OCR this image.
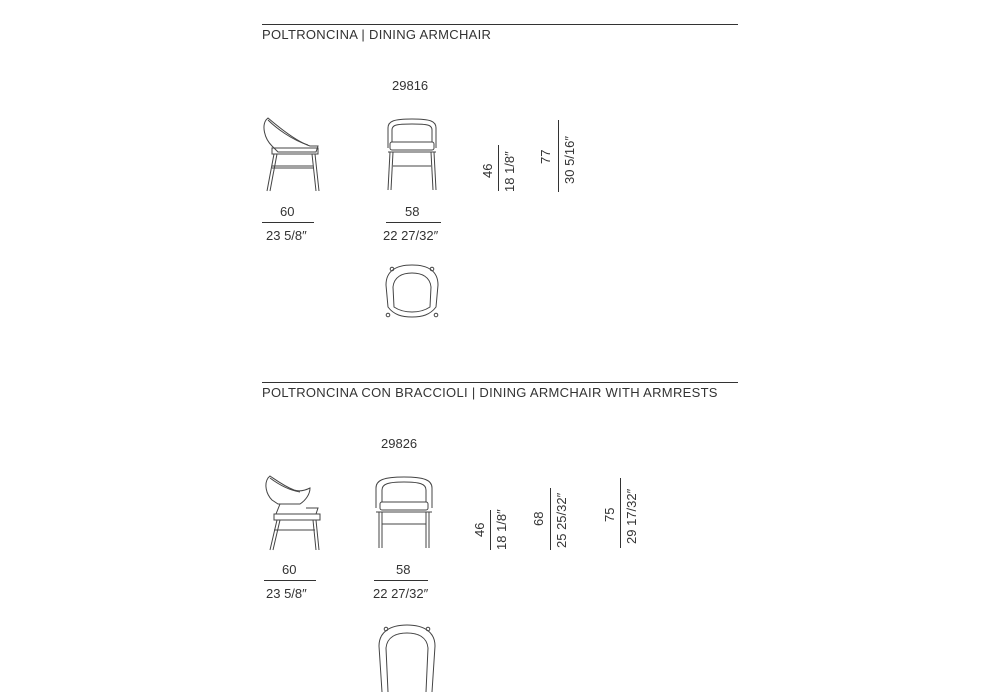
POLTRONCINA | DINING ARMCHAIR
29816
60
23 5/8″
58
22 27/32″
46 18 1/8″ 77 30 5/16″
POLTRONCINA CON BRACCIOLI | DINING ARMCHAIR WITH ARMRESTS
29826
60
23 5/8″
58
22 27/32″
46 18 1/8″ 68 25 25/32″	75 29 17/32″
